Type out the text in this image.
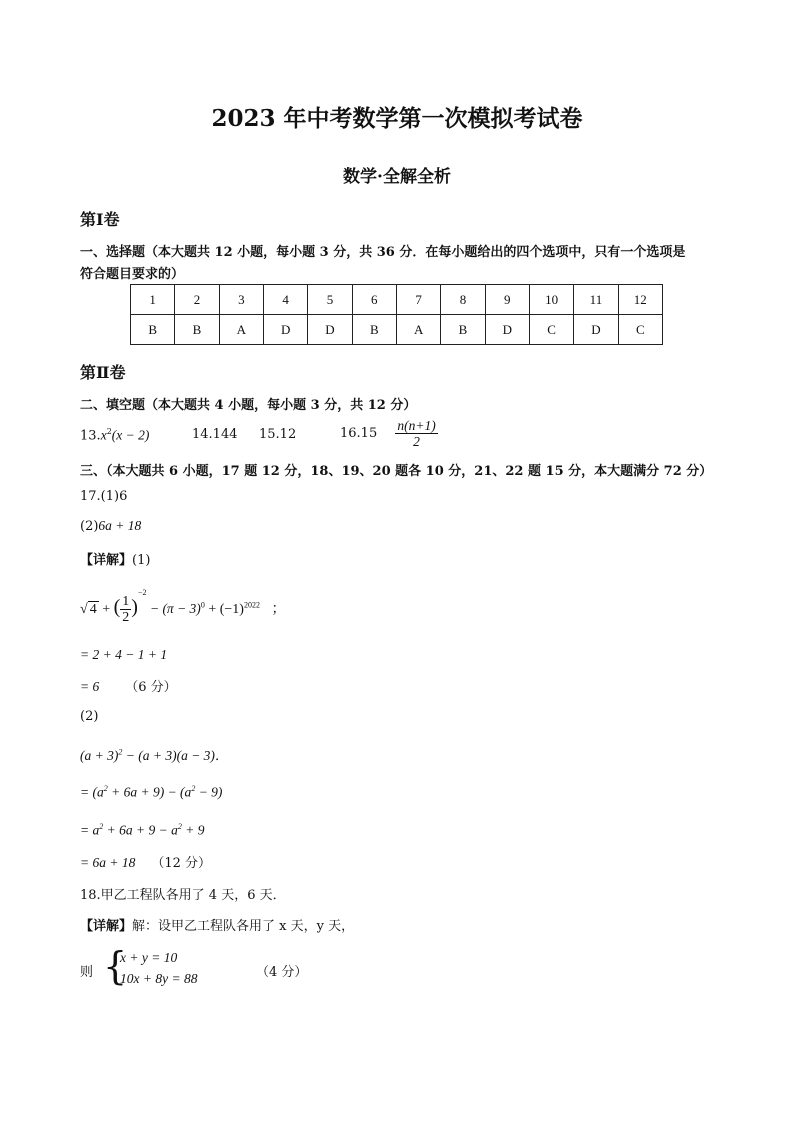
2023 年中考数学第一次模拟考试卷
数学·全解全析
第Ⅰ卷
一、选择题（本大题共 12 小题，每小题 3 分，共 36 分．在每小题给出的四个选项中，只有一个选项是
符合题目要求的）
1	2	3	4	5	6	7	8	9	10	11	12
B	B	A	D	D	B	A	B	D	C	D	C
第Ⅱ卷
二、填空题（本大题共 4 小题，每小题 3 分，共 12 分）
$13.x^2(x - 2)$	14.144 15.12	$16.15 \frac{n(n+1)}{2}$
三、（本大题共 6 小题，17 题 12 分，18、19、20 题各 10 分，21、22 题 15 分，本大题满分 72 分）
17.(1)6
(2)6a + 18
【详解】(1)
√ 4 + ( $\frac{1}{2} )^{-2} - (\pi - 3)^0 + (-1)^{2022}$ ；
= 2 + 4 − 1 + 1
= 6 （6 分）
(2)
$(a + 3)^2 - (a + 3)(a - 3)$．
= $(a^2 + 6a + 9) - (a^2 - 9)$
= $a^2 + 6a + 9 - a^2 + 9$
= 6a + 18 （12 分）
18.甲乙工程队各用了 4 天，6 天．
【详解】解：设甲乙工程队各用了 x 天，y 天，
则 {
x + y = 10
10x + 8y = 88	（4 分）
